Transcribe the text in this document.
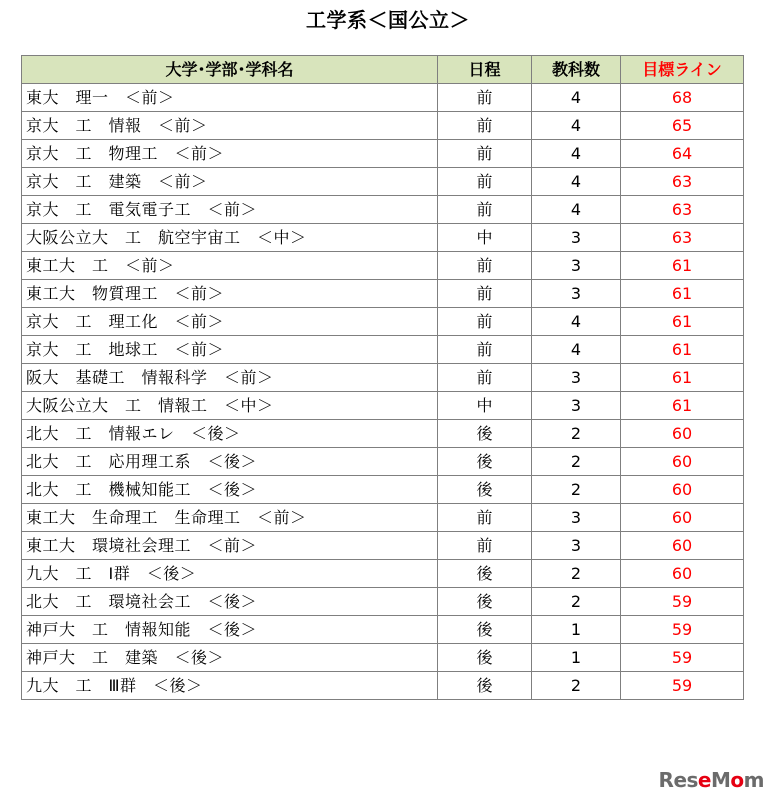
工学系＜国公立＞
大学･学部･学科名	日程	教科数	目標ライン
東大　理一　＜前＞	前	4	68
京大　工　情報　＜前＞	前	4	65
京大　工　物理工　＜前＞	前	4	64
京大　工　建築　＜前＞	前	4	63
京大　工　電気電子工　＜前＞	前	4	63
大阪公立大　工　航空宇宙工　＜中＞	中	3	63
東工大　工　＜前＞	前	3	61
東工大　物質理工　＜前＞	前	3	61
京大　工　理工化　＜前＞	前	4	61
京大　工　地球工　＜前＞	前	4	61
阪大　基礎工　情報科学　＜前＞	前	3	61
大阪公立大　工　情報工　＜中＞	中	3	61
北大　工　情報エレ　＜後＞	後	2	60
北大　工　応用理工系　＜後＞	後	2	60
北大　工　機械知能工　＜後＞	後	2	60
東工大　生命理工　生命理工　＜前＞	前	3	60
東工大　環境社会理工　＜前＞	前	3	60
九大　工　Ⅰ群　＜後＞	後	2	60
北大　工　環境社会工　＜後＞	後	2	59
神戸大　工　情報知能　＜後＞	後	1	59
神戸大　工　建築　＜後＞	後	1	59
九大　工　Ⅲ群　＜後＞	後	2	59
ReseMom
